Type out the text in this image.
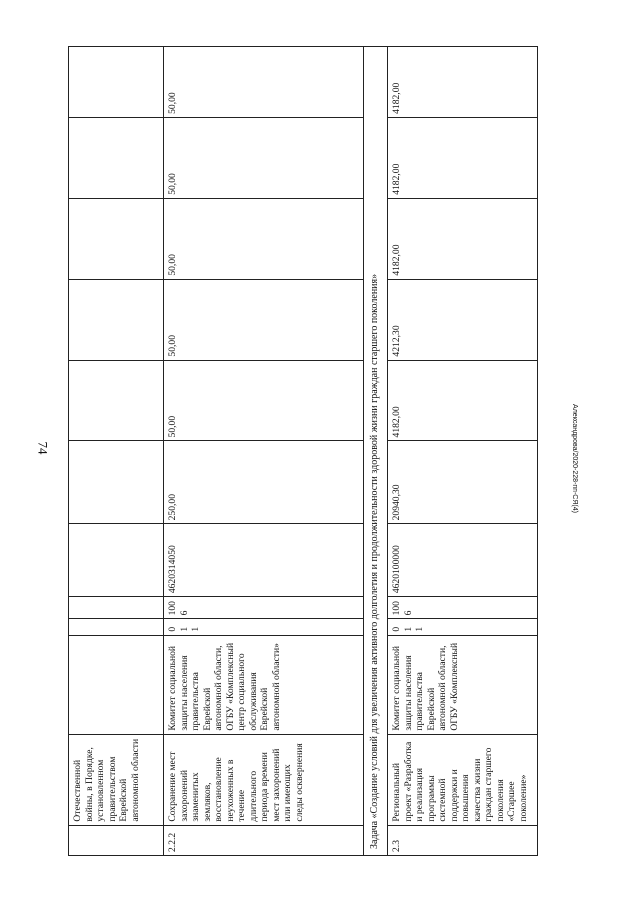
74	Александрова/2020-228-пп-СЯ(4)
	Отечественной войны, в Порядке, установленном правительством Еврейской автономной области										
2.2.2	Сохранение мест захоронений знаменитых земляков, восстановление неухоженных в течение длительного периода времени мест захоронений или имеющих следы осквернения	Комитет социальной защиты населения правительства Еврейской автономной области, ОГБУ «Комплексный центр социального обслуживания Еврейской автономной области»	011	1006	4620314050	250,00	50,00	50,00	50,00	50,00	50,00
Задача «Создание условий для увеличения активного долголетия и продолжительности здоровой жизни граждан старшего поколения»											
2.3	Региональный проект «Разработка и реализация программы системной поддержки и повышения качества жизни граждан старшего поколения «Старшее поколение»	Комитет социальной защиты населения правительства Еврейской автономной области, ОГБУ «Комплексный	011	1006	4620100000	20940,30	4182,00	4212,30	4182,00	4182,00	4182,00
